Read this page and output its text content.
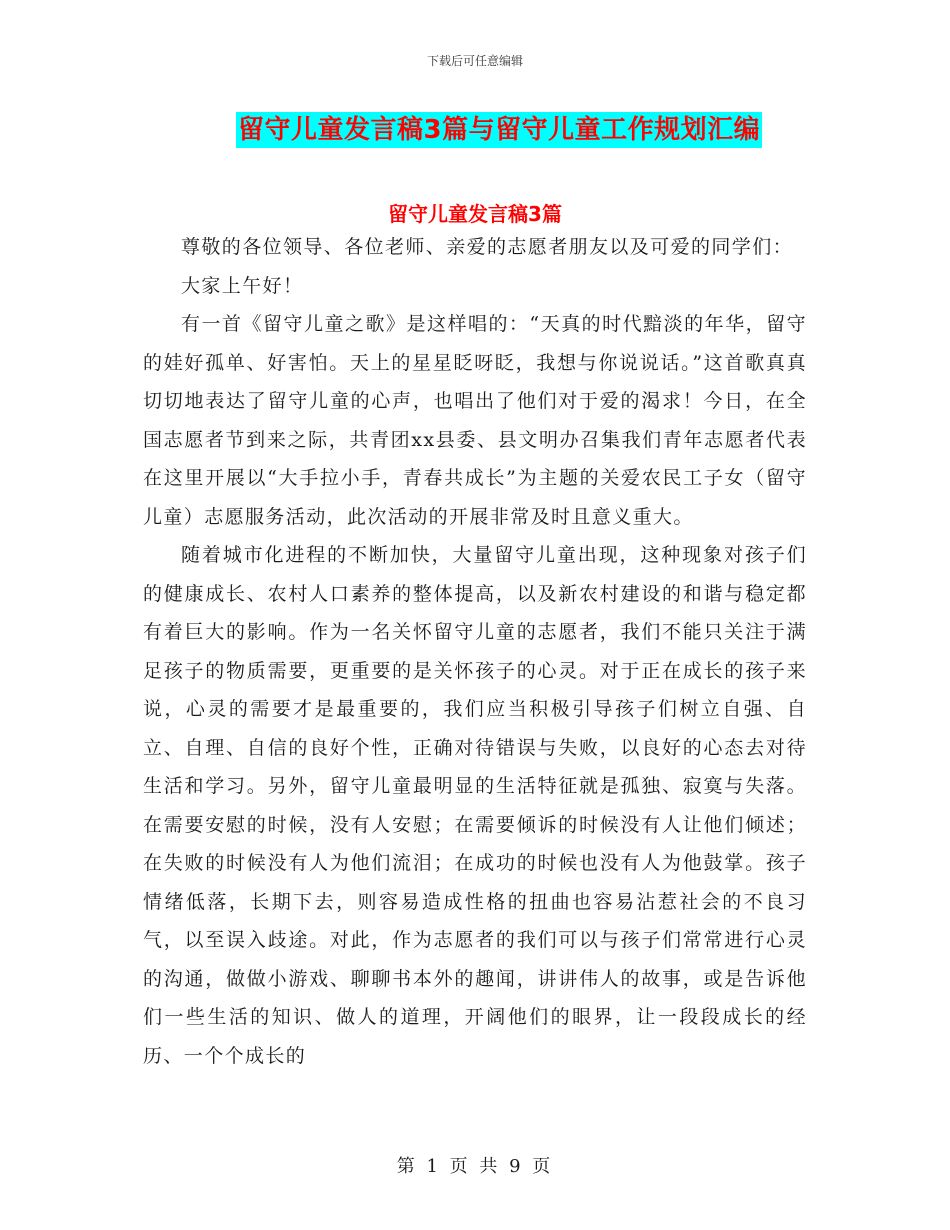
下载后可任意编辑
留守儿童发言稿3篇与留守儿童工作规划汇编
留守儿童发言稿3篇

尊敬的各位领导、各位老师、亲爱的志愿者朋友以及可爱的同学们：

大家上午好！

有一首《留守儿童之歌》是这样唱的：“天真的时代黯淡的年华，留守的娃好孤单、好害怕。天上的星星眨呀眨，我想与你说说话。”这首歌真真切切地表达了留守儿童的心声，也唱出了他们对于爱的渴求！今日，在全国志愿者节到来之际，共青团xx县委、县文明办召集我们青年志愿者代表在这里开展以“大手拉小手，青春共成长”为主题的关爱农民工子女（留守儿童）志愿服务活动，此次活动的开展非常及时且意义重大。

随着城市化进程的不断加快，大量留守儿童出现，这种现象对孩子们的健康成长、农村人口素养的整体提高，以及新农村建设的和谐与稳定都有着巨大的影响。作为一名关怀留守儿童的志愿者，我们不能只关注于满足孩子的物质需要，更重要的是关怀孩子的心灵。对于正在成长的孩子来说，心灵的需要才是最重要的，我们应当积极引导孩子们树立自强、自立、自理、自信的良好个性，正确对待错误与失败，以良好的心态去对待生活和学习。另外，留守儿童最明显的生活特征就是孤独、寂寞与失落。在需要安慰的时候，没有人安慰；在需要倾诉的时候没有人让他们倾述；在失败的时候没有人为他们流泪；在成功的时候也没有人为他鼓掌。孩子情绪低落，长期下去，则容易造成性格的扭曲也容易沾惹社会的不良习气，以至误入歧途。对此，作为志愿者的我们可以与孩子们常常进行心灵的沟通，做做小游戏、聊聊书本外的趣闻，讲讲伟人的故事，或是告诉他们一些生活的知识、做人的道理，开阔他们的眼界，让一段段成长的经历、一个个成长的

第 1 页 共 9 页
